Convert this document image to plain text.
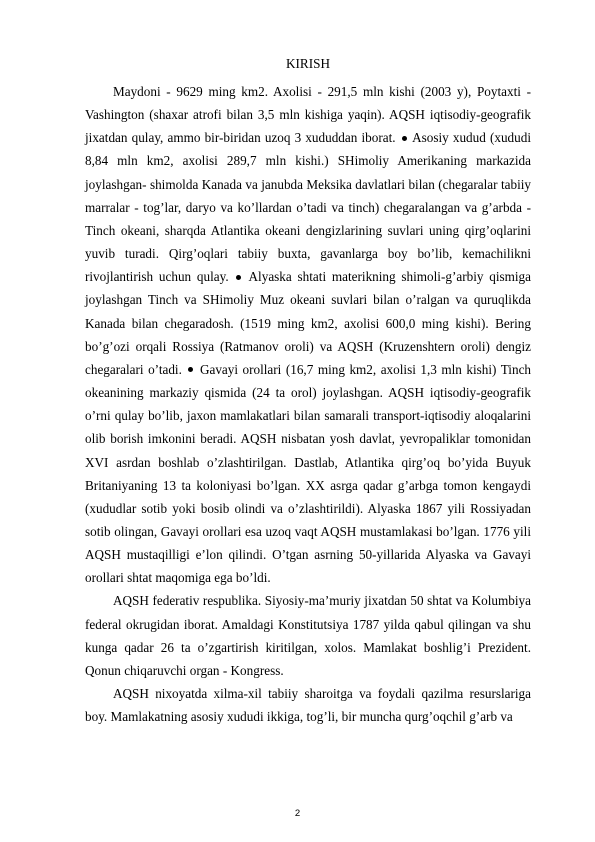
KIRISH

Maydoni - 9629 ming km2. Axolisi - 291,5 mln kishi (2003 y), Poytaxti - Vashington (shaxar atrofi bilan 3,5 mln kishiga yaqin). AQSH iqtisodiy-geografik jixatdan qulay, ammo bir-biridan uzoq 3 xududdan iborat. Asosiy xudud (xududi 8,84 mln km2, axolisi 289,7 mln kishi.) SHimoliy Amerikaning markazida joylashgan- shimolda Kanada va janubda Meksika davlatlari bilan (chegaralar tabiiy marralar - tog’lar, daryo va ko’llardan o’tadi va tinch) chegaralangan va g’arbda - Tinch okeani, sharqda Atlantika okeani dengizlarining suvlari uning qirg’oqlarini yuvib turadi. Qirg’oqlari tabiiy buxta, gavanlarga boy bo’lib, kemachilikni rivojlantirish uchun qulay. Alyaska shtati materikning shimoli-g’arbiy qismiga joylashgan Tinch va SHimoliy Muz okeani suvlari bilan o’ralgan va quruqlikda Kanada bilan chegaradosh. (1519 ming km2, axolisi 600,0 ming kishi). Bering bo’g’ozi orqali Rossiya (Ratmanov oroli) va AQSH (Kruzenshtern oroli) dengiz chegaralari o’tadi. Gavayi orollari (16,7 ming km2, axolisi 1,3 mln kishi) Tinch okeanining markaziy qismida (24 ta orol) joylashgan. AQSH iqtisodiy-geografik o’rni qulay bo’lib, jaxon mamlakatlari bilan samarali transport-iqtisodiy aloqalarini olib borish imkonini beradi. AQSH nisbatan yosh davlat, yevropaliklar tomonidan XVI asrdan boshlab o’zlashtirilgan. Dastlab, Atlantika qirg’oq bo’yida Buyuk Britaniyaning 13 ta koloniyasi bo’lgan. XX asrga qadar g’arbga tomon kengaydi (xududlar sotib yoki bosib olindi va o’zlashtirildi). Alyaska 1867 yili Rossiyadan sotib olingan, Gavayi orollari esa uzoq vaqt AQSH mustamlakasi bo’lgan. 1776 yili AQSH mustaqilligi e’lon qilindi. O’tgan asrning 50-yillarida Alyaska va Gavayi orollari shtat maqomiga ega bo’ldi.

AQSH federativ respublika. Siyosiy-ma’muriy jixatdan 50 shtat va Kolumbiya federal okrugidan iborat. Amaldagi Konstitutsiya 1787 yilda qabul qilingan va shu kunga qadar 26 ta o’zgartirish kiritilgan, xolos. Mamlakat boshlig’i Prezident. Qonun chiqaruvchi organ - Kongress.

AQSH nixoyatda xilma-xil tabiiy sharoitga va foydali qazilma resurslariga boy. Mamlakatning asosiy xududi ikkiga, tog’li, bir muncha qurg’oqchil g’arb va

2
